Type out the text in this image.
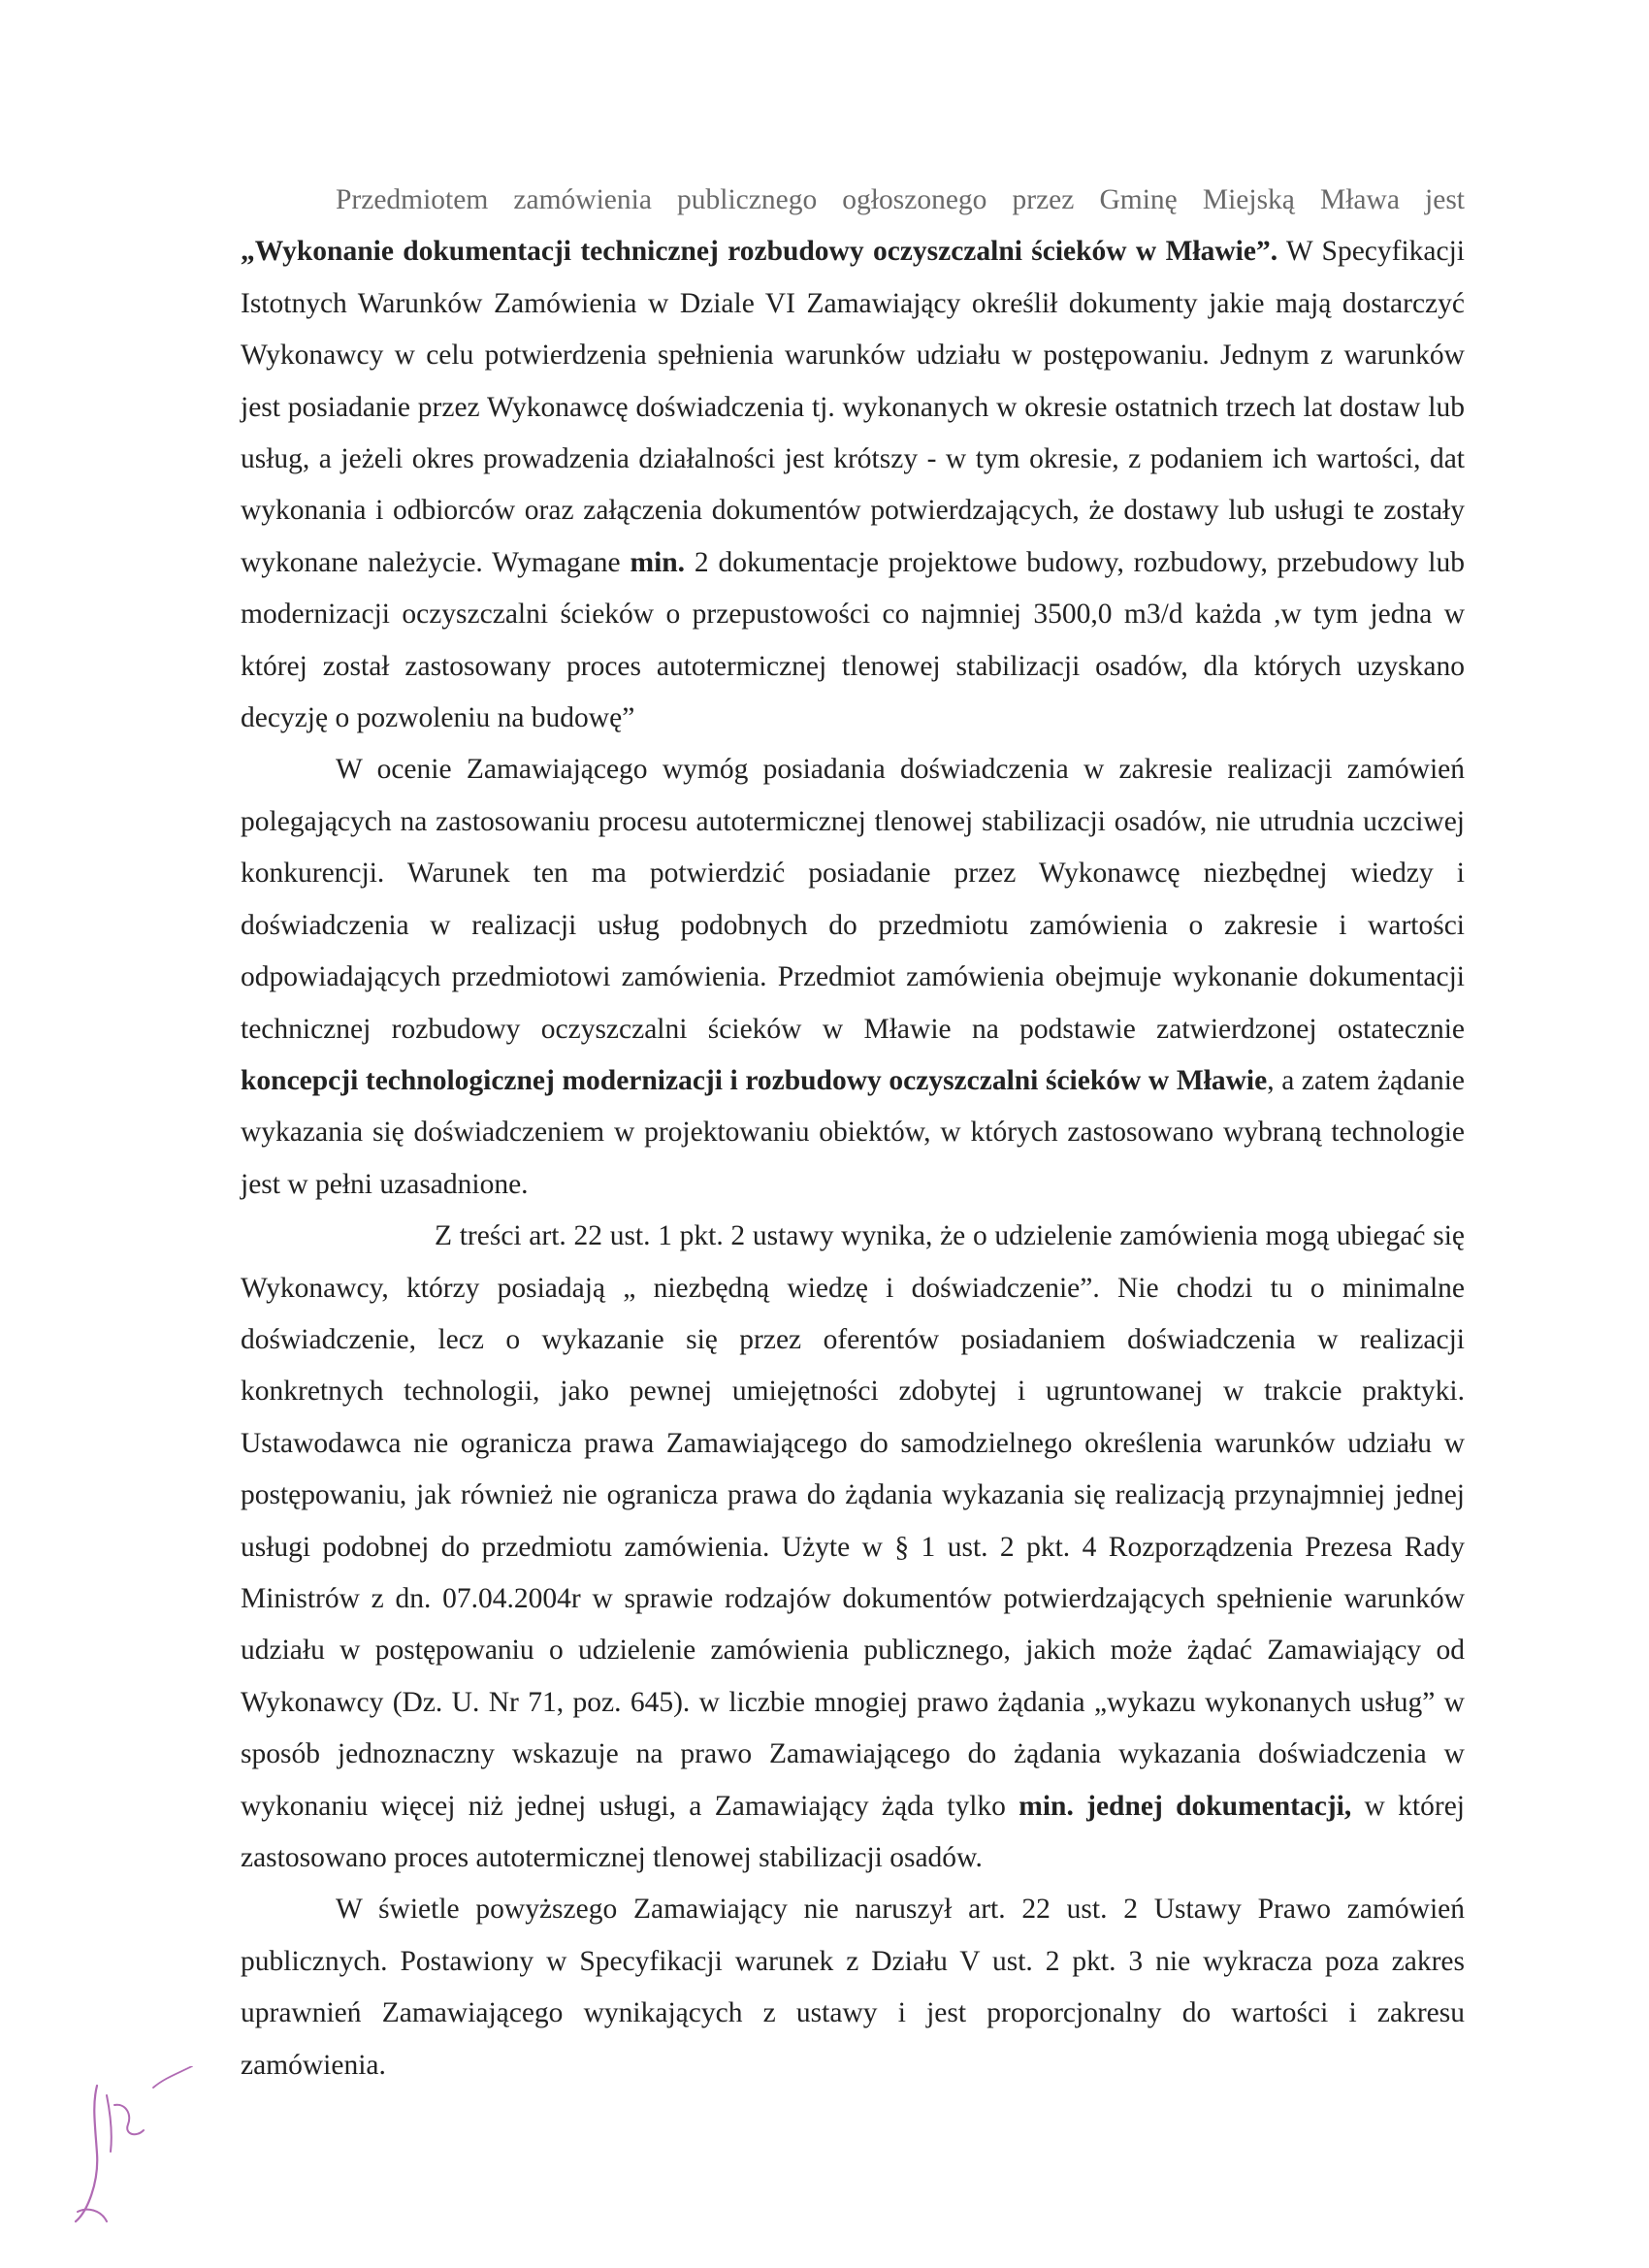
Przedmiotem zamówienia publicznego ogłoszonego przez Gminę Miejską Mława jest „Wykonanie dokumentacji technicznej rozbudowy oczyszczalni ścieków w Mławie”. W Specyfikacji Istotnych Warunków Zamówienia w Dziale VI Zamawiający określił dokumenty jakie mają dostarczyć Wykonawcy w celu potwierdzenia spełnienia warunków udziału w postępowaniu. Jednym z warunków jest posiadanie przez Wykonawcę doświadczenia tj. wykonanych w okresie ostatnich trzech lat dostaw lub usług, a jeżeli okres prowadzenia działalności jest krótszy - w tym okresie, z podaniem ich wartości, dat wykonania i odbiorców oraz załączenia dokumentów potwierdzających, że dostawy lub usługi te zostały wykonane należycie. Wymagane min. 2 dokumentacje projektowe budowy, rozbudowy, przebudowy lub modernizacji oczyszczalni ścieków o przepustowości co najmniej 3500,0 m3/d każda ,w tym jedna w której został zastosowany proces autotermicznej tlenowej stabilizacji osadów, dla których uzyskano decyzję o pozwoleniu na budowę”

W ocenie Zamawiającego wymóg posiadania doświadczenia w zakresie realizacji zamówień polegających na zastosowaniu procesu autotermicznej tlenowej stabilizacji osadów, nie utrudnia uczciwej konkurencji. Warunek ten ma potwierdzić posiadanie przez Wykonawcę niezbędnej wiedzy i doświadczenia w realizacji usług podobnych do przedmiotu zamówienia o zakresie i wartości odpowiadających przedmiotowi zamówienia. Przedmiot zamówienia obejmuje wykonanie dokumentacji technicznej rozbudowy oczyszczalni ścieków w Mławie na podstawie zatwierdzonej ostatecznie koncepcji technologicznej modernizacji i rozbudowy oczyszczalni ścieków w Mławie, a zatem żądanie wykazania się doświadczeniem w projektowaniu obiektów, w których zastosowano wybraną technologie jest w pełni uzasadnione.

Z treści art. 22 ust. 1 pkt. 2 ustawy wynika, że o udzielenie zamówienia mogą ubiegać się Wykonawcy, którzy posiadają „ niezbędną wiedzę i doświadczenie”. Nie chodzi tu o minimalne doświadczenie, lecz o wykazanie się przez oferentów posiadaniem doświadczenia w realizacji konkretnych technologii, jako pewnej umiejętności zdobytej i ugruntowanej w trakcie praktyki. Ustawodawca nie ogranicza prawa Zamawiającego do samodzielnego określenia warunków udziału w postępowaniu, jak również nie ogranicza prawa do żądania wykazania się realizacją przynajmniej jednej usługi podobnej do przedmiotu zamówienia. Użyte w § 1 ust. 2 pkt. 4 Rozporządzenia Prezesa Rady Ministrów z dn. 07.04.2004r w sprawie rodzajów dokumentów potwierdzających spełnienie warunków udziału w postępowaniu o udzielenie zamówienia publicznego, jakich może żądać Zamawiający od Wykonawcy (Dz. U. Nr 71, poz. 645). w liczbie mnogiej prawo żądania „wykazu wykonanych usług” w sposób jednoznaczny wskazuje na prawo Zamawiającego do żądania wykazania doświadczenia w wykonaniu więcej niż jednej usługi, a Zamawiający żąda tylko min. jednej dokumentacji, w której zastosowano proces autotermicznej tlenowej stabilizacji osadów.

W świetle powyższego Zamawiający nie naruszył art. 22 ust. 2 Ustawy Prawo zamówień publicznych. Postawiony w Specyfikacji warunek z Działu V ust. 2 pkt. 3 nie wykracza poza zakres uprawnień Zamawiającego wynikających z ustawy i jest proporcjonalny do wartości i zakresu zamówienia.
